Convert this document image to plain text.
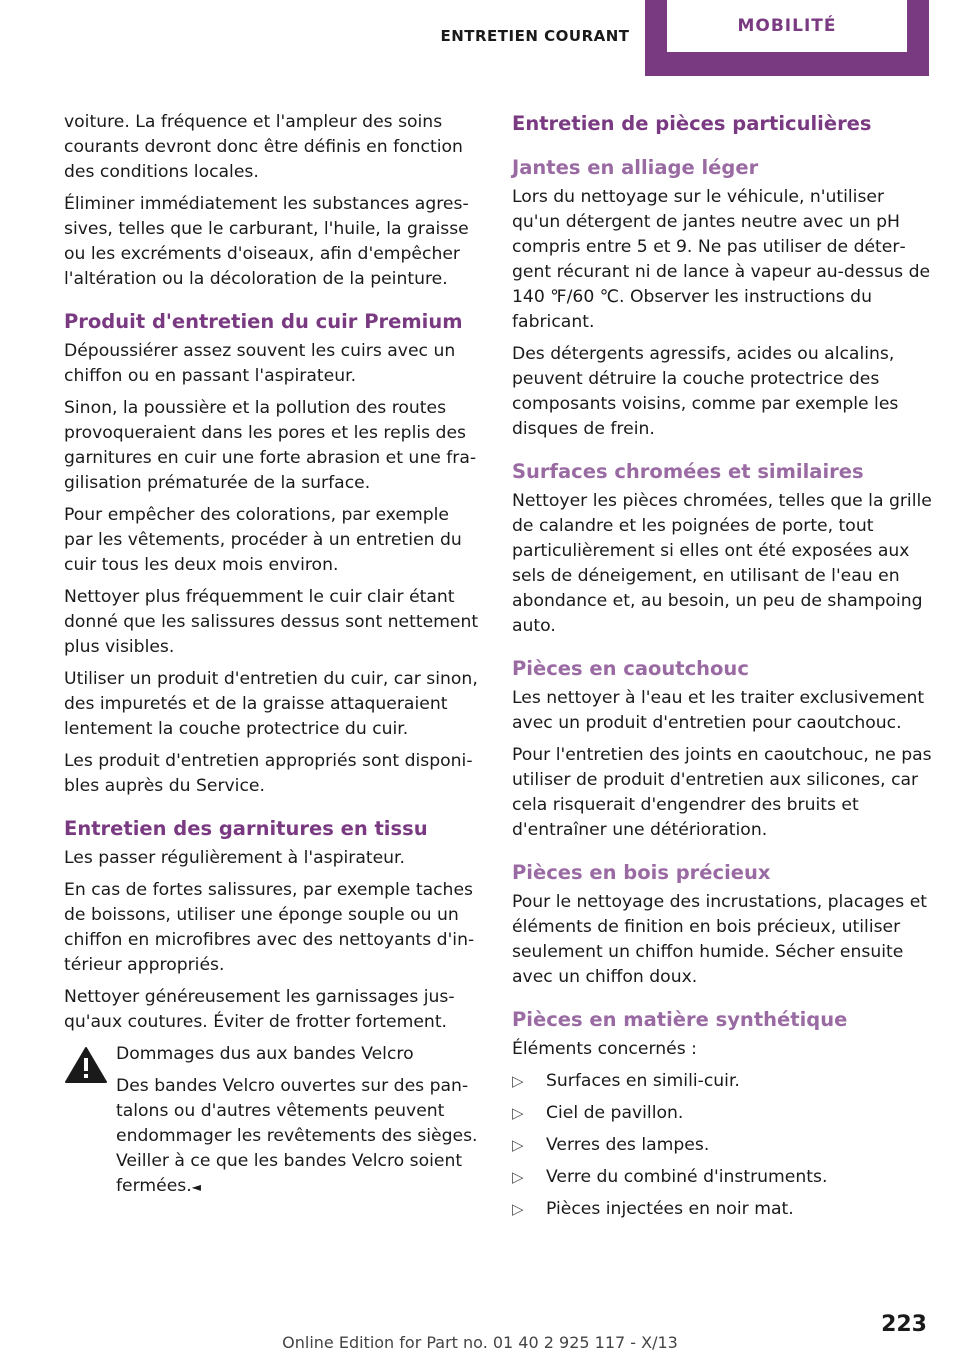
ENTRETIEN COURANT	MOBILITÉ

voiture. La fréquence et l'ampleur des soins courants devront donc être définis en fonction des conditions locales.

Éliminer immédiatement les substances agressives, telles que le carburant, l'huile, la graisse ou les excréments d'oiseaux, afin d'empêcher l'altération ou la décoloration de la peinture.

Produit d'entretien du cuir Premium

Dépoussiérer assez souvent les cuirs avec un chiffon ou en passant l'aspirateur.

Sinon, la poussière et la pollution des routes provoqueraient dans les pores et les replis des garnitures en cuir une forte abrasion et une fragilisation prématurée de la surface.

Pour empêcher des colorations, par exemple par les vêtements, procéder à un entretien du cuir tous les deux mois environ.

Nettoyer plus fréquemment le cuir clair étant donné que les salissures dessus sont nettement plus visibles.

Utiliser un produit d'entretien du cuir, car sinon, des impuretés et de la graisse attaqueraient lentement la couche protectrice du cuir.

Les produit d'entretien appropriés sont disponibles auprès du Service.

Entretien des garnitures en tissu

Les passer régulièrement à l'aspirateur.

En cas de fortes salissures, par exemple taches de boissons, utiliser une éponge souple ou un chiffon en microfibres avec des nettoyants d'intérieur appropriés.

Nettoyer généreusement les garnissages jusqu'aux coutures. Éviter de frotter fortement.

Dommages dus aux bandes Velcro

Des bandes Velcro ouvertes sur des pantalons ou d'autres vêtements peuvent endommager les revêtements des sièges. Veiller à ce que les bandes Velcro soient fermées.◄

Entretien de pièces particulières
Jantes en alliage léger

Lors du nettoyage sur le véhicule, n'utiliser qu'un détergent de jantes neutre avec un pH compris entre 5 et 9. Ne pas utiliser de détergent récurant ni de lance à vapeur au-dessus de 140 ℉/60 ℃. Observer les instructions du fabricant.

Des détergents agressifs, acides ou alcalins, peuvent détruire la couche protectrice des composants voisins, comme par exemple les disques de frein.

Surfaces chromées et similaires

Nettoyer les pièces chromées, telles que la grille de calandre et les poignées de porte, tout particulièrement si elles ont été exposées aux sels de déneigement, en utilisant de l'eau en abondance et, au besoin, un peu de shampoing auto.

Pièces en caoutchouc

Les nettoyer à l'eau et les traiter exclusivement avec un produit d'entretien pour caoutchouc.

Pour l'entretien des joints en caoutchouc, ne pas utiliser de produit d'entretien aux silicones, car cela risquerait d'engendrer des bruits et d'entraîner une détérioration.

Pièces en bois précieux

Pour le nettoyage des incrustations, placages et éléments de finition en bois précieux, utiliser seulement un chiffon humide. Sécher ensuite avec un chiffon doux.

Pièces en matière synthétique

Éléments concernés :

▷ Surfaces en simili-cuir.
▷ Ciel de pavillon.
▷ Verres des lampes.
▷ Verre du combiné d'instruments.
▷ Pièces injectées en noir mat.
223
Online Edition for Part no. 01 40 2 925 117 - X/13
